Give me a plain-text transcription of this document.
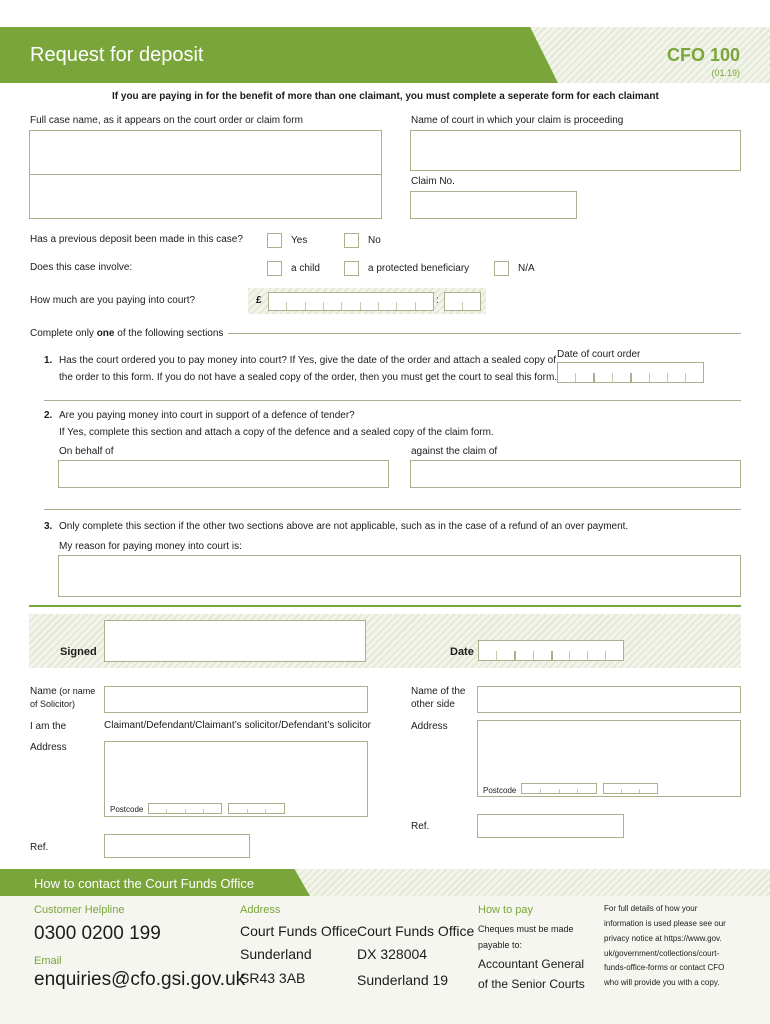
Request for deposit	CFO 100
(01.19)
If you are paying in for the benefit of more than one claimant, you must complete a seperate form for each claimant
Full case name, as it appears on the court order or claim form	Name of court in which your claim is proceeding
Claim No.
Has a previous deposit been made in this case?	Yes	No
Does this case involve:	a child	a protected beneficiary	N/A
How much are you paying into court?	£	:
Complete only one of the following sections
1. Has the court ordered you to pay money into court? If Yes, give the date of the order and attach a sealed copy of
the order to this form. If you do not have a sealed copy of the order, then you must get the court to seal this form.
Date of court order
2. Are you paying money into court in support of a defence of tender?
If Yes, complete this section and attach a copy of the defence and a sealed copy of the claim form.
On behalf of	against the claim of
3. Only complete this section if the other two sections above are not applicable, such as in the case of a refund of an over payment.
My reason for paying money into court is:
Signed	Date
Name (or name
of Solicitor)
Name of the
other side
I am the	Claimant/Defendant/Claimant’s solicitor/Defendant’s solicitor
Address
Postcode
Address
Postcode
Ref.
Ref.
How to contact the Court Funds Office
Customer Helpline
0300 0200 199
Email
enquiries@cfo.gsi.gov.uk
Address
Court Funds Office
Sunderland
SR43 3AB
Court Funds Office
DX 328004
Sunderland 19
How to pay
Cheques must be made
payable to:
Accountant General
of the Senior Courts
For full details of how your
information is used please see our
privacy notice at https://www.gov.
uk/government/collections/court-
funds-office-forms or contact CFO
who will provide you with a copy.
